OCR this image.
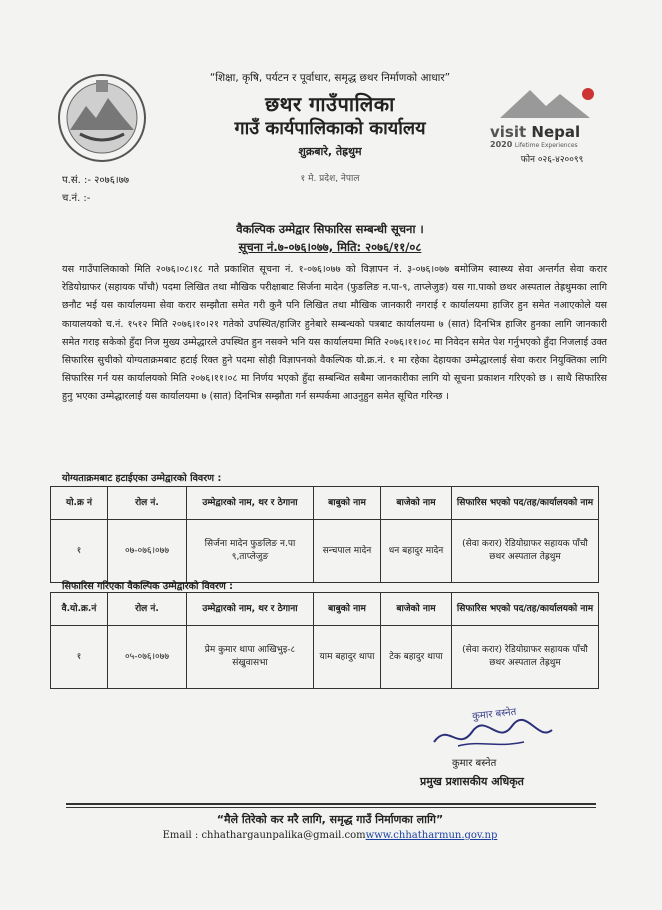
“शिक्षा, कृषि, पर्यटन र पूर्वाधार, समृद्ध छथर निर्माणको आधार”
छथर गाउँपालिका
गाउँ कार्यपालिकाको कार्यालय
शुक्रबारे, तेह्रथुम
१ मे. प्रदेश, नेपाल
visit Nepal
2020 Lifetime Experiences
फोन ०२६-४२००९९
प.सं. :- २०७६।७७
च.नं. :-
वैकल्पिक उम्मेद्वार सिफारिस सम्बन्धी सूचना ।
सूचना नं.७-०७६।०७७, मिति: २०७६/११/०८
यस गाउँपालिकाको मिति २०७६।०८।१८ गते प्रकाशित सूचना नं. १-०७६।०७७ को विज्ञापन नं. ३-०७६।०७७ बमोजिम स्वास्थ्य सेवा अन्तर्गत सेवा करार रेडियोग्राफर (सहायक पाँचौ) पदमा लिखित तथा मौखिक परीक्षाबाट सिर्जना मादेन (फुङलिङ न.पा-९, ताप्लेजुङ) यस गा.पाको छथर अस्पताल तेह्रथुमका लागि छनौट भई यस कार्यालयमा सेवा करार सम्झौता समेत गरी कुनै पनि लिखित तथा मौखिक जानकारी नगराई र कार्यालयमा हाजिर हुन समेत नआएकोले यस कायालयको च.नं. १५१२ मिति २०७६।१०।२१ गतेको उपस्थित/हाजिर हुनेबारे सम्बन्धको पत्रबाट कार्यालयमा ७ (सात) दिनभित्र हाजिर हुनका लागि जानकारी समेत गराइ सकेको हुँदा निज मुख्य उम्मेद्धारले उपस्थित हुन नसक्ने भनि यस कार्यालयमा मिति २०७६।११।०८ मा निवेदन समेत पेश गर्नुभएको हुँदा निजलाई उक्त सिफारिस सुचीको योग्यताक्रमबाट हटाई रिक्त हुने पदमा सोही विज्ञापनको वैकल्पिक यो.क्र.नं. १ मा रहेका देहायका उम्मेद्धारलाई सेवा करार नियुक्तिका लागि सिफारिस गर्न यस कार्यालयको मिति २०७६।११।०८ मा निर्णय भएको हुँदा सम्बन्धित सबैमा जानकारीका लागि यो सूचना प्रकाशन गरिएको छ । साथै सिफारिस हुनु भएका उम्मेद्धारलाई यस कार्यालयमा ७ (सात) दिनभित्र सम्झौता गर्न सम्पर्कमा आउनुहुन समेत सूचित गरिन्छ ।
योग्यताक्रमबाट हटाईएका उम्मेद्वारको विवरण :
यो.क्र नं	रोल नं.	उम्मेद्वारको नाम, थर र ठेगाना	बाबुको नाम	बाजेको नाम	सिफारिस भएको पद/तह/कार्यालयको नाम
१	०७-०७६।०७७	सिर्जना मादेन फुङलिङ न.पा ९,ताप्लेजुङ	सन्चपाल मादेन	धन बहादुर मादेन	(सेवा करार) रेडियोग्राफर सहायक पाँचौ छथर अस्पताल तेह्रथुम
सिफारिस गरिएका वैकल्पिक उम्मेद्वारको विवरण :
वै.यो.क्र.नं	रोल नं.	उम्मेद्वारको नाम, थर र ठेगाना	बाबुको नाम	बाजेको नाम	सिफारिस भएको पद/तह/कार्यालयको नाम
१	०५-०७६।०७७	प्रेम कुमार थापा आखिभुइ-८ संखुवासभा	याम बहादुर थापा	टेक बहादुर थापा	(सेवा करार) रेडियोग्राफर सहायक पाँचौ छथर अस्पताल तेह्रथुम
कुमार बस्नेत
कुमार बस्नेत
प्रमुख प्रशासकीय अधिकृत
“मैले तिरेको कर मरै लागि, समृद्ध गाउँ निर्माणका लागि”
Email : chhathargaunpalika@gmail.comwww.chhatharmun.gov.np
